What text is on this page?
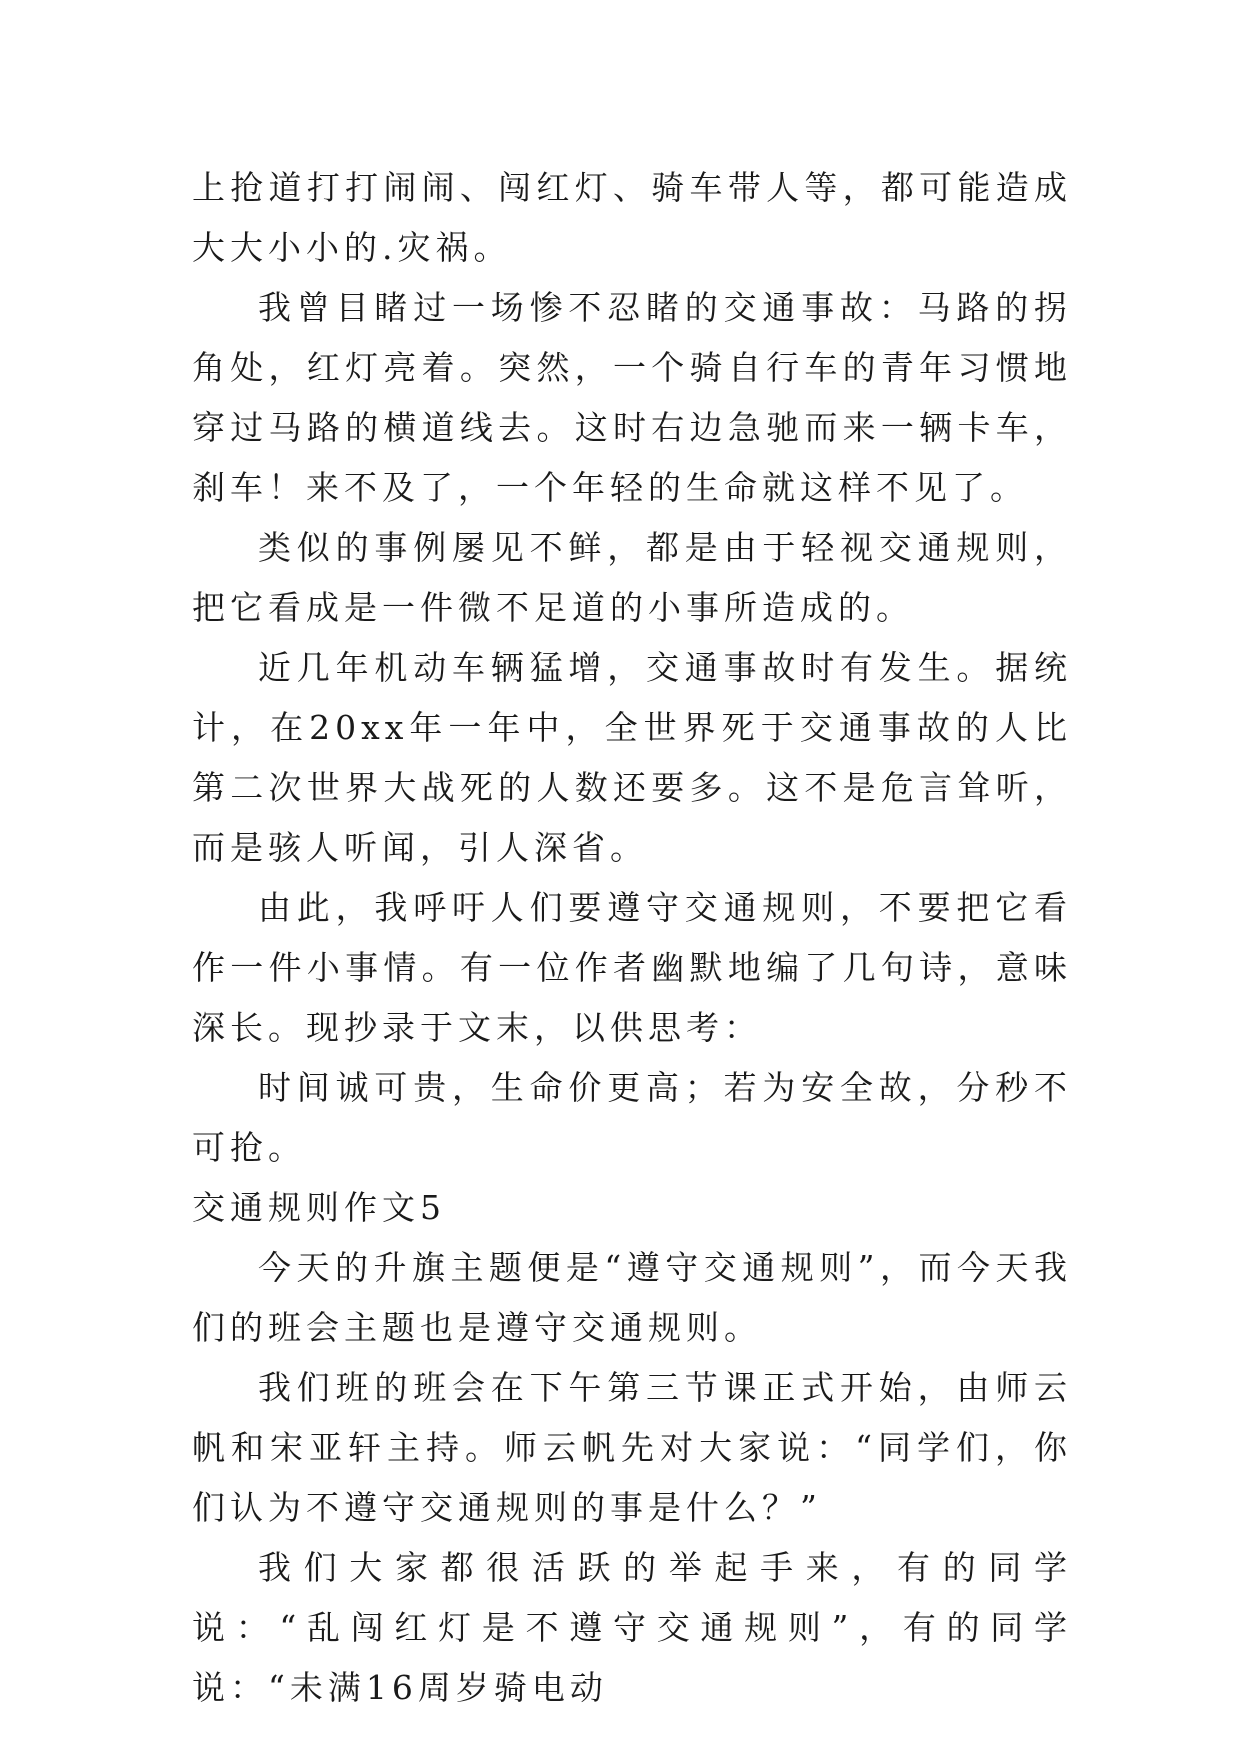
上抢道打打闹闹、闯红灯、骑车带人等，都可能造成大大小小的.灾祸。

我曾目睹过一场惨不忍睹的交通事故：马路的拐角处，红灯亮着。突然，一个骑自行车的青年习惯地穿过马路的横道线去。这时右边急驰而来一辆卡车，刹车！来不及了，一个年轻的生命就这样不见了。

类似的事例屡见不鲜，都是由于轻视交通规则，把它看成是一件微不足道的小事所造成的。

近几年机动车辆猛增，交通事故时有发生。据统计，在20xx年一年中，全世界死于交通事故的人比第二次世界大战死的人数还要多。这不是危言耸听，而是骇人听闻，引人深省。

由此，我呼吁人们要遵守交通规则，不要把它看作一件小事情。有一位作者幽默地编了几句诗，意味深长。现抄录于文末，以供思考：

时间诚可贵，生命价更高；若为安全故，分秒不可抢。

交通规则作文5

今天的升旗主题便是“遵守交通规则”，而今天我们的班会主题也是遵守交通规则。

我们班的班会在下午第三节课正式开始，由师云帆和宋亚轩主持。师云帆先对大家说：“同学们，你们认为不遵守交通规则的事是什么？”

我们大家都很活跃的举起手来，有的同学说：“乱闯红灯是不遵守交通规则”，有的同学说：“未满16周岁骑电动
